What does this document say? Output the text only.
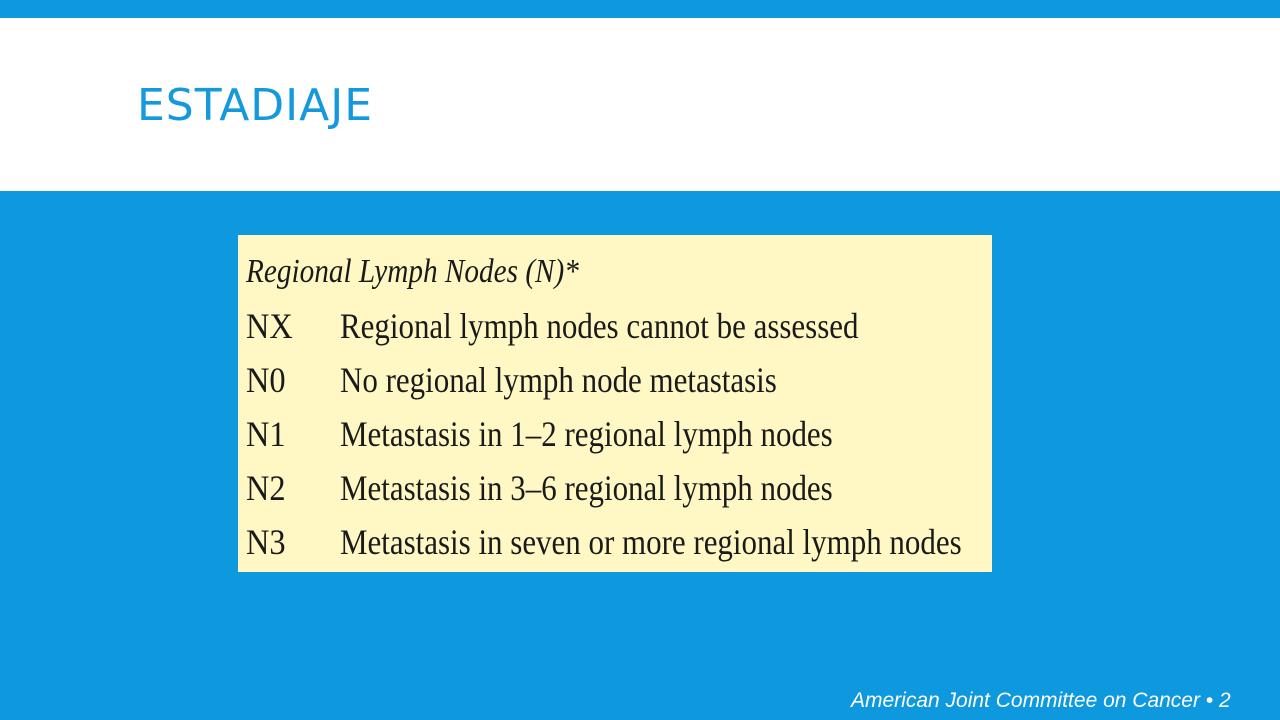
ESTADIAJE
Regional Lymph Nodes (N)*
NX	Regional lymph nodes cannot be assessed
N0	No regional lymph node metastasis
N1	Metastasis in 1–2 regional lymph nodes
N2	Metastasis in 3–6 regional lymph nodes
N3	Metastasis in seven or more regional lymph nodes
American Joint Committee on Cancer • 2
